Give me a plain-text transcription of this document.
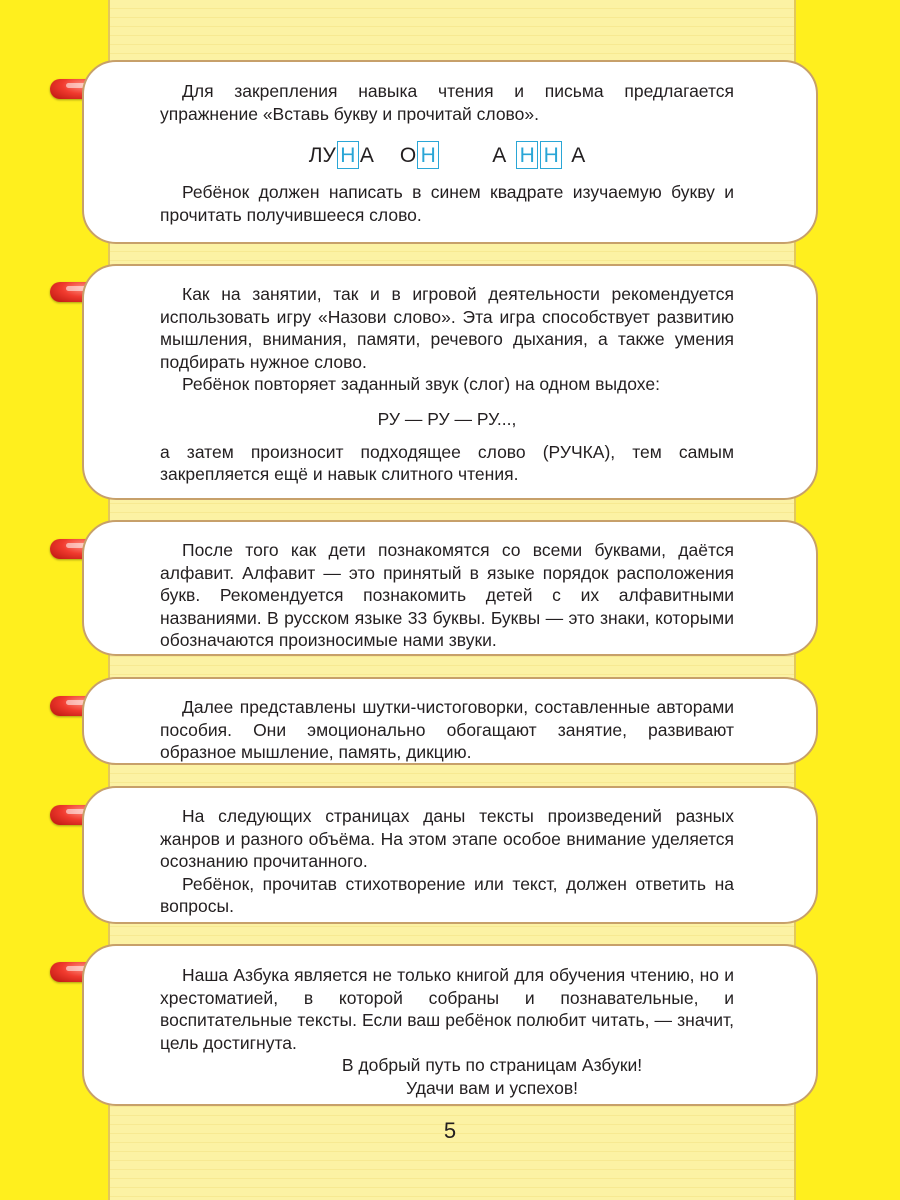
Для закрепления навыка чтения и письма предлагается упражнение «Вставь букву и прочитай слово».

ЛУ Н А О Н	А Н Н А

Ребёнок должен написать в синем квадрате изучаемую букву и прочитать получившееся слово.

Как на занятии, так и в игровой деятельности рекомендуется использовать игру «Назови слово». Эта игра способствует развитию мышления, внимания, памяти, речевого дыхания, а также умения подбирать нужное слово.

Ребёнок повторяет заданный звук (слог) на одном выдохе:

РУ — РУ — РУ...,

а затем произносит подходящее слово (РУЧКА), тем самым закрепляется ещё и навык слитного чтения.

После того как дети познакомятся со всеми буквами, даётся алфавит. Алфавит — это принятый в языке порядок расположения букв. Рекомендуется познакомить детей с их алфавитными названиями. В русском языке 33 буквы. Буквы — это знаки, которыми обозначаются произносимые нами звуки.

Далее представлены шутки-чистоговорки, составленные авторами пособия. Они эмоционально обогащают занятие, развивают образное мышление, память, дикцию.

На следующих страницах даны тексты произведений разных жанров и разного объёма. На этом этапе особое внимание уделяется осознанию прочитанного.

Ребёнок, прочитав стихотворение или текст, должен ответить на вопросы.

Наша Азбука является не только книгой для обучения чтению, но и хрестоматией, в которой собраны и познавательные, и воспитательные тексты. Если ваш ребёнок полюбит читать, — значит, цель достигнута.

В добрый путь по страницам Азбуки!

Удачи вам и успехов!

5
